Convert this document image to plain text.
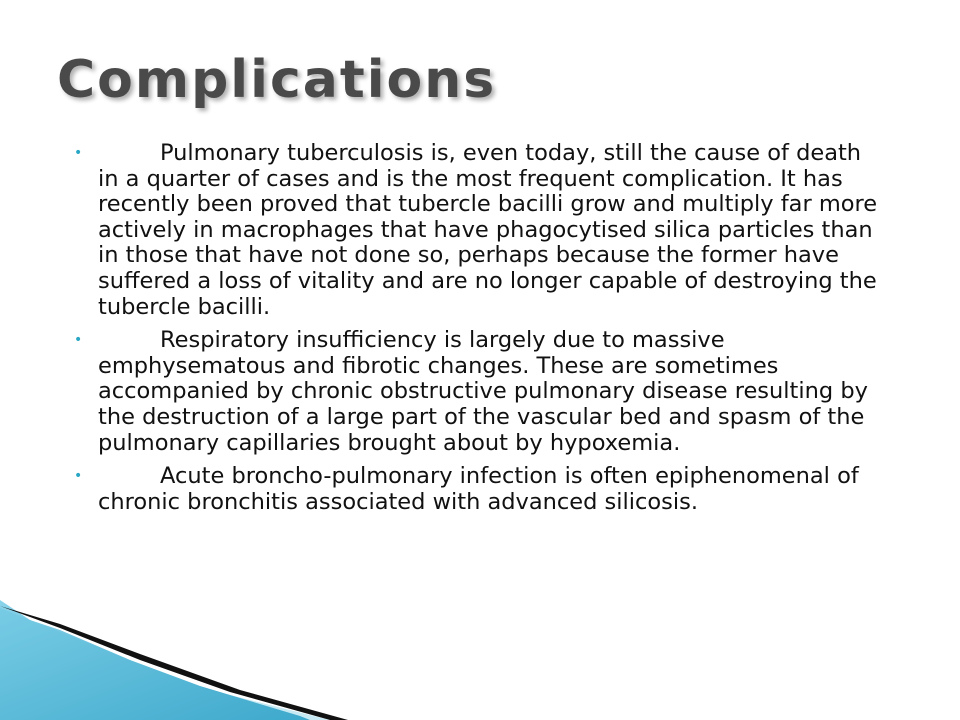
Complications
•	Pulmonary tuberculosis is, even today, still the cause of death in a quarter of cases and is the most frequent complication. It has recently been proved that tubercle bacilli grow and multiply far more actively in macrophages that have phagocytised silica particles than in those that have not done so, perhaps because the former have suffered a loss of vitality and are no longer capable of destroying the tubercle bacilli.
•	Respiratory insufficiency is largely due to massive emphysematous and fibrotic changes. These are sometimes accompanied by chronic obstructive pulmonary disease resulting by the destruction of a large part of the vascular bed and spasm of the pulmonary capillaries brought about by hypoxemia.
•	Acute broncho-pulmonary infection is often epiphenomenal of chronic bronchitis associated with advanced silicosis.
